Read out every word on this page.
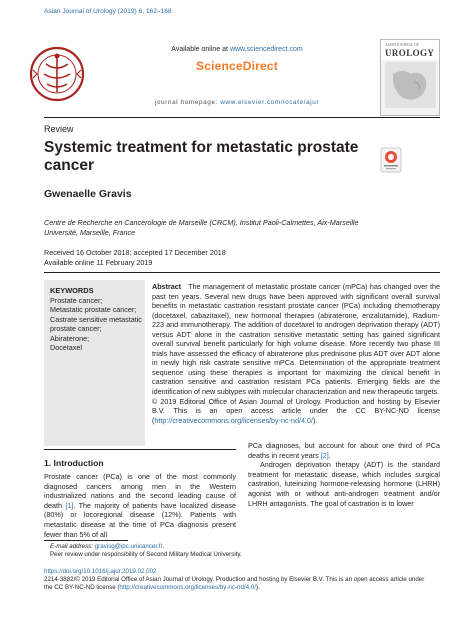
Asian Journal of Urology (2019) 6, 162–168
Available online at www.sciencedirect.com
ScienceDirect
journal homepage: www.elsevier.com/locate/ajur
ASIAN JOURNAL OF
UROLOGY
Review
Systemic treatment for metastatic prostate cancer
Gwenaelle Gravis
Centre de Recherche en Cancerologie de Marseille (CRCM), Institut Paoli-Calmettes, Aix-Marseille Université, Marseille, France
Received 16 October 2018; accepted 17 December 2018
Available online 11 February 2019
KEYWORDS
Prostate cancer;
Metastatic prostate cancer;
Castrate sensitive metastatic prostate cancer;
Abiraterone;
Docetaxel

Abstract The management of metastatic prostate cancer (mPCa) has changed over the past ten years. Several new drugs have been approved with significant overall survival benefits in metastatic castration resistant prostate cancer (PCa) including chemotherapy (docetaxel, cabazitaxel), new hormonal therapies (abiraterone, enzalutamide), Radium-223 and immunotherapy. The addition of docetaxel to androgen deprivation therapy (ADT) versus ADT alone in the castration sensitive metastatic setting has gained significant overall survival benefit particularly for high volume disease. More recently two phase III trials have assessed the efficacy of abiraterone plus prednisone plus ADT over ADT alone in newly high risk castrate sensitive mPCa. Determination of the appropriate treatment sequence using these therapies is important for maximizing the clinical benefit in castration sensitive and castration resistant PCa patients. Emerging fields are the identification of new subtypes with molecular characterization and new therapeutic targets.

© 2019 Editorial Office of Asian Journal of Urology. Production and hosting by Elsevier B.V. This is an open access article under the CC BY-NC-ND license (http://creativecommons.org/licenses/by-nc-nd/4.0/).

1. Introduction
Prostate cancer (PCa) is one of the most commonly diagnosed cancers among men in the Western industrialized nations and the second leading cause of death [1]. The majority of patients have localized disease (80%) or locoregional disease (12%). Patients with metastatic disease at the time of PCa diagnosis present fewer than 5% of all

PCa diagnoses, but account for about one third of PCa deaths in recent years [2].

Androgen deprivation therapy (ADT) is the standard treatment for metastatic disease, which includes surgical castration, luteinizing hormone-releasing hormone (LHRH) agonist with or without anti-androgen treatment and/or LHRH antagonists. The goal of castration is to lower

E-mail address: gravisg@ipc.unicancer.fr.
Peer review under responsibility of Second Military Medical University.
https://doi.org/10.1016/j.ajur.2019.02.002
2214-3882/© 2019 Editorial Office of Asian Journal of Urology. Production and hosting by Elsevier B.V. This is an open access article under
the CC BY-NC-ND license (http://creativecommons.org/licenses/by-nc-nd/4.0/).
